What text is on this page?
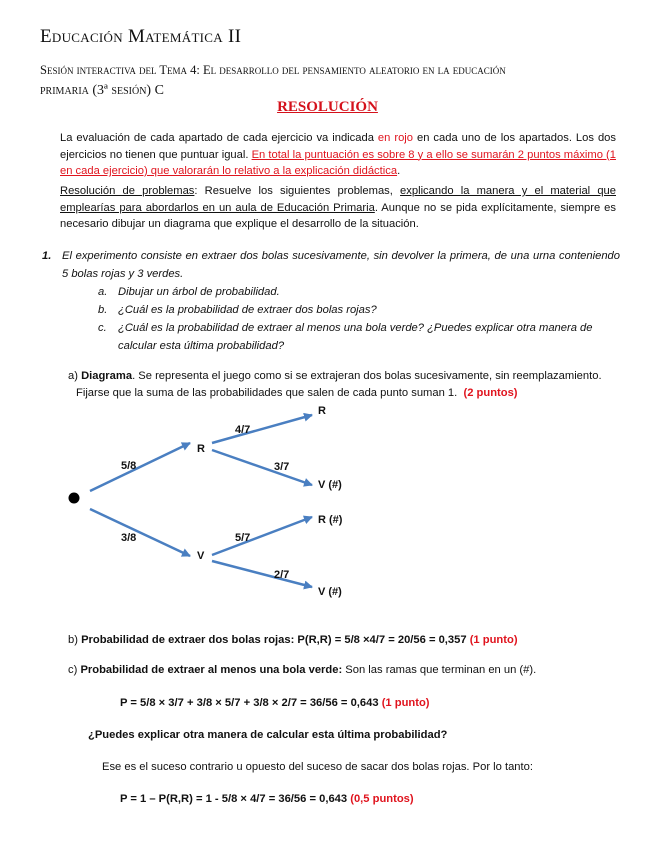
Educación Matemática II
Sesión interactiva del Tema 4: El desarrollo del pensamiento aleatorio en la educación
primaria (3ª sesión) C
RESOLUCIÓN
La evaluación de cada apartado de cada ejercicio va indicada en rojo en cada uno de los apartados. Los dos ejercicios no tienen que puntuar igual. En total la puntuación es sobre 8 y a ello se sumarán 2 puntos máximo (1 en cada ejercicio) que valorarán lo relativo a la explicación didáctica.
Resolución de problemas: Resuelve los siguientes problemas, explicando la manera y el material que emplearías para abordarlos en un aula de Educación Primaria. Aunque no se pida explícitamente, siempre es necesario dibujar un diagrama que explique el desarrollo de la situación.
1. El experimento consiste en extraer dos bolas sucesivamente, sin devolver la primera, de una urna conteniendo 5 bolas rojas y 3 verdes.
a. Dibujar un árbol de probabilidad.
b. ¿Cuál es la probabilidad de extraer dos bolas rojas?
c. ¿Cuál es la probabilidad de extraer al menos una bola verde? ¿Puedes explicar otra manera de calcular esta última probabilidad?
a) Diagrama. Se representa el juego como si se extrajeran dos bolas sucesivamente, sin reemplazamiento.
Fijarse que la suma de las probabilidades que salen de cada punto suman 1. (2 puntos)
5/8
3/8
R
V
4/7
3/7
5/7
2/7
R
V (#)
R (#)
V (#)
b) Probabilidad de extraer dos bolas rojas: P(R,R) = 5/8 ×4/7 = 20/56 = 0,357 (1 punto)
c) Probabilidad de extraer al menos una bola verde: Son las ramas que terminan en un (#).
P = 5/8 × 3/7 + 3/8 × 5/7 + 3/8 × 2/7 = 36/56 = 0,643 (1 punto)
¿Puedes explicar otra manera de calcular esta última probabilidad?
Ese es el suceso contrario u opuesto del suceso de sacar dos bolas rojas. Por lo tanto:
P = 1 – P(R,R) = 1 - 5/8 × 4/7 = 36/56 = 0,643 (0,5 puntos)
